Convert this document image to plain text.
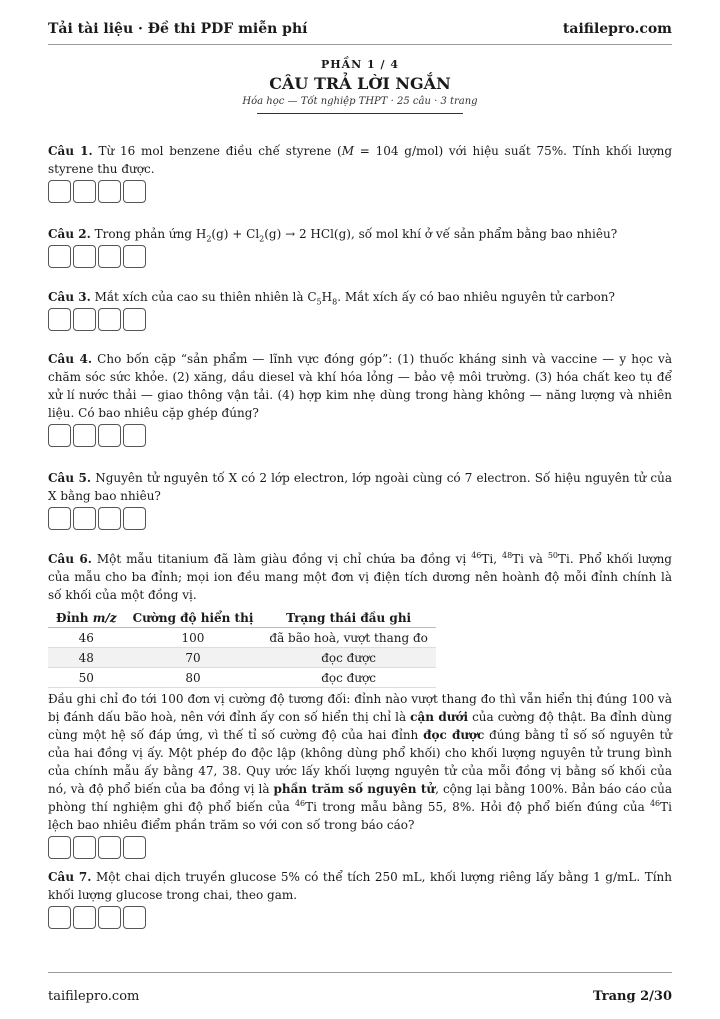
Tải tài liệu · Đề thi PDF miễn phí	taifilepro.com
PHẦN 1 / 4
CÂU TRẢ LỜI NGẮN
Hóa học — Tốt nghiệp THPT · 25 câu · 3 trang
Câu 1. Từ 16 mol benzene điều chế styrene (M = 104 g/mol) với hiệu suất 75%. Tính khối lượng styrene thu được.
Câu 2. Trong phản ứng $H_2(g) + Cl_2(g) \to 2$ HCl(g), số mol khí ở vế sản phẩm bằng bao nhiêu?
Câu 3. Mắt xích của cao su thiên nhiên là $C_5H_8$. Mắt xích ấy có bao nhiêu nguyên tử carbon?
Câu 4. Cho bốn cặp “sản phẩm — lĩnh vực đóng góp”: (1) thuốc kháng sinh và vaccine — y học và chăm sóc sức khỏe. (2) xăng, dầu diesel và khí hóa lỏng — bảo vệ môi trường. (3) hóa chất keo tụ để xử lí nước thải — giao thông vận tải. (4) hợp kim nhẹ dùng trong hàng không — năng lượng và nhiên liệu. Có bao nhiêu cặp ghép đúng?
Câu 5. Nguyên tử nguyên tố X có 2 lớp electron, lớp ngoài cùng có 7 electron. Số hiệu nguyên tử của X bằng bao nhiêu?
Câu 6. Một mẫu titanium đã làm giàu đồng vị chỉ chứa ba đồng vị $^{46}$Ti, $^{48}$Ti và $^{50}$Ti. Phổ khối lượng của mẫu cho ba đỉnh; mọi ion đều mang một đơn vị điện tích dương nên hoành độ mỗi đỉnh chính là số khối của một đồng vị.
Đỉnh m/z	Cường độ hiển thị	Trạng thái đầu ghi
46	100	đã bão hoà, vượt thang đo
48	70	đọc được
50	80	đọc được
Đầu ghi chỉ đo tới 100 đơn vị cường độ tương đối: đỉnh nào vượt thang đo thì vẫn hiển thị đúng 100 và bị đánh dấu bão hoà, nên với đỉnh ấy con số hiển thị chỉ là cận dưới của cường độ thật. Ba đỉnh dùng cùng một hệ số đáp ứng, vì thế tỉ số cường độ của hai đỉnh đọc được đúng bằng tỉ số số nguyên tử của hai đồng vị ấy. Một phép đo độc lập (không dùng phổ khối) cho khối lượng nguyên tử trung bình của chính mẫu ấy bằng 47, 38. Quy ước lấy khối lượng nguyên tử của mỗi đồng vị bằng số khối của nó, và độ phổ biến của ba đồng vị là phần trăm số nguyên tử, cộng lại bằng 100%. Bản báo cáo của phòng thí nghiệm ghi độ phổ biến của $^{46}$Ti trong mẫu bằng 55, 8%. Hỏi độ phổ biến đúng của $^{46}$Ti lệch bao nhiêu điểm phần trăm so với con số trong báo cáo?
Câu 7. Một chai dịch truyền glucose 5% có thể tích 250 mL, khối lượng riêng lấy bằng 1 g/mL. Tính khối lượng glucose trong chai, theo gam.
taifilepro.com	Trang 2/30
